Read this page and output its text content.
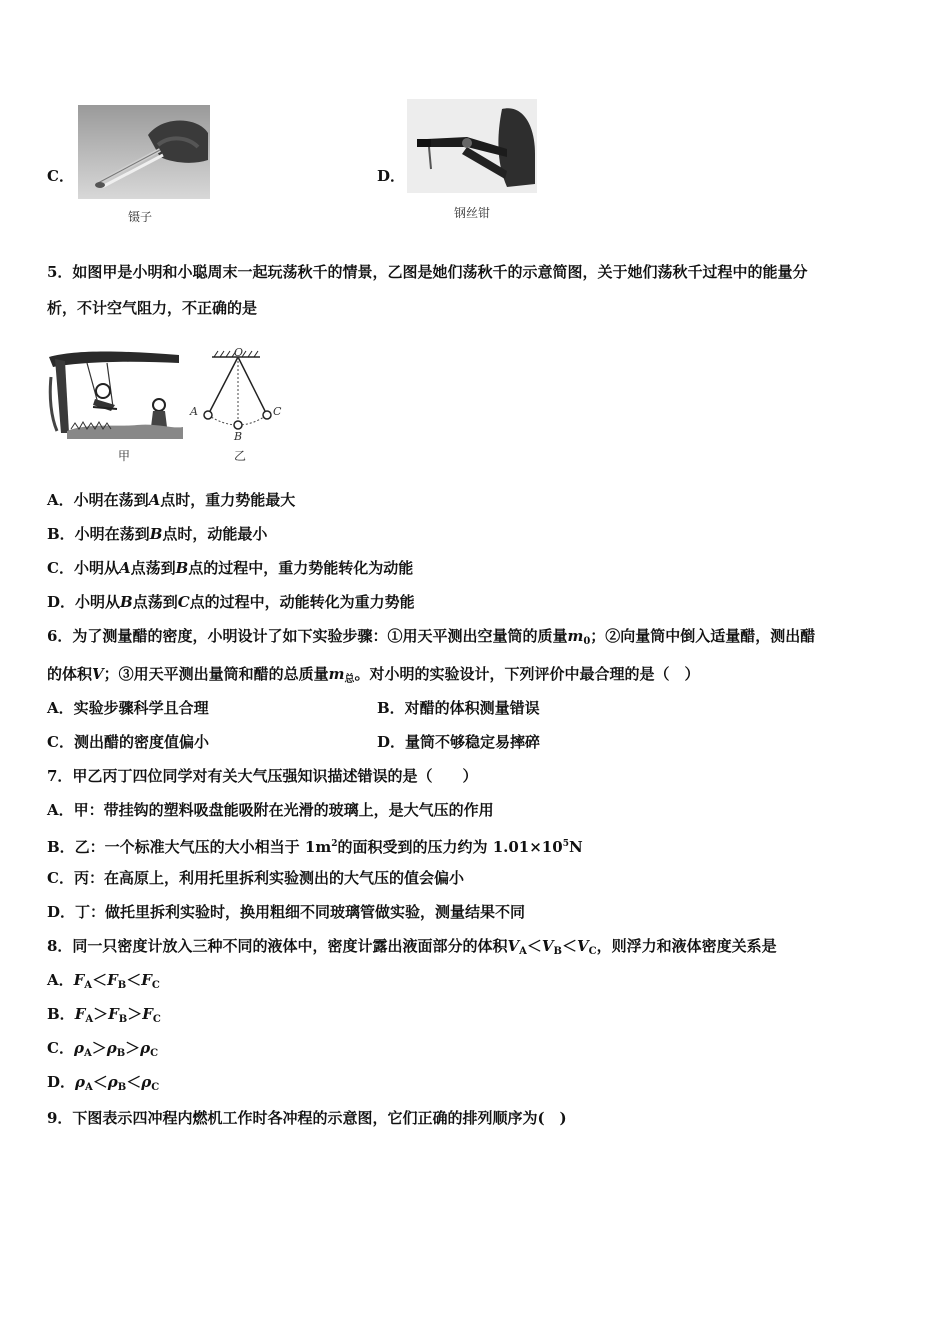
C．
镊子
D．
钢丝钳
5．如图甲是小明和小聪周末一起玩荡秋千的情景，乙图是她们荡秋千的示意简图，关于她们荡秋千过程中的能量分
析，不计空气阻力，不正确的是
甲
O
A
B
C
乙
A．小明在荡到A点时，重力势能最大
B．小明在荡到B点时，动能最小
C．小明从A点荡到B点的过程中，重力势能转化为动能
D．小明从B点荡到C点的过程中，动能转化为重力势能
6．为了测量醋的密度，小明设计了如下实验步骤：①用天平测出空量筒的质量$m_0$；②向量筒中倒入适量醋，测出醋
的体积V；③用天平测出量筒和醋的总质量$m_总$。对小明的实验设计，下列评价中最合理的是（　）
A．实验步骤科学且合理	B．对醋的体积测量错误
C．测出醋的密度值偏小	D．量筒不够稳定易摔碎
7．甲乙丙丁四位同学对有关大气压强知识描述错误的是（　　）
A．甲：带挂钩的塑料吸盘能吸附在光滑的玻璃上，是大气压的作用
B．乙：一个标准大气压的大小相当于 $1m^2$的面积受到的压力约为 $1.01\times 10^5N$
C．丙：在高原上，利用托里拆利实验测出的大气压的值会偏小
D．丁：做托里拆利实验时，换用粗细不同玻璃管做实验，测量结果不同
8．同一只密度计放入三种不同的液体中，密度计露出液面部分的体积$V_A<V_B<V_C$，则浮力和液体密度关系是
A．$F_A<F_B<F_C$
B．$F_A>F_B>F_C$
C．$\rho_A>\rho_B>\rho_C$
D．$\rho_A<\rho_B<\rho_C$
9．下图表示四冲程内燃机工作时各冲程的示意图，它们正确的排列顺序为(　)
